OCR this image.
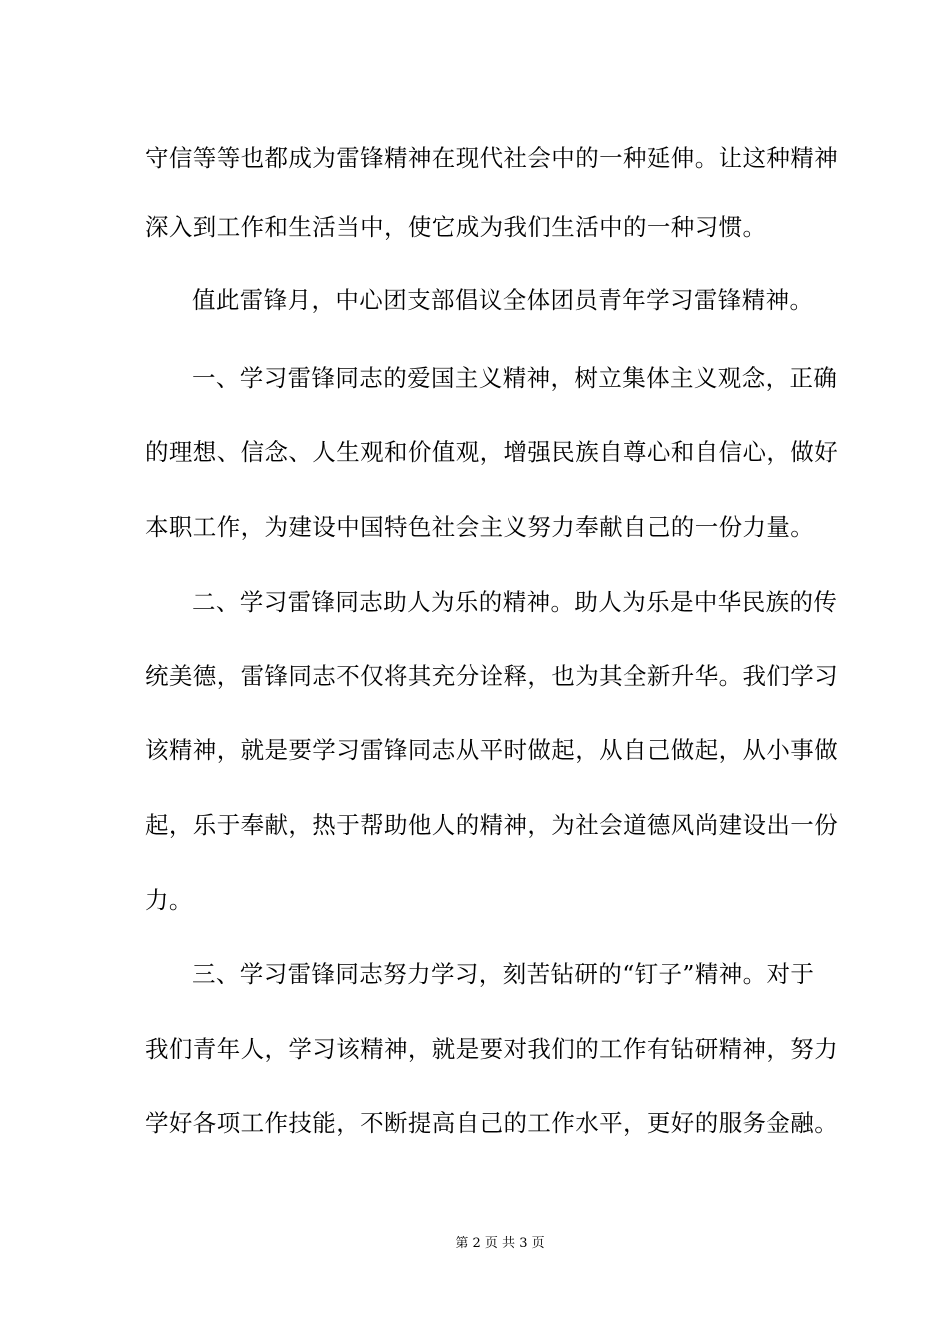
守信等等也都成为雷锋精神在现代社会中的一种延伸。让这种精神
深入到工作和生活当中，使它成为我们生活中的一种习惯。
值此雷锋月，中心团支部倡议全体团员青年学习雷锋精神。
一、学习雷锋同志的爱国主义精神，树立集体主义观念，正确
的理想、信念、人生观和价值观，增强民族自尊心和自信心，做好
本职工作，为建设中国特色社会主义努力奉献自己的一份力量。
二、学习雷锋同志助人为乐的精神。助人为乐是中华民族的传
统美德，雷锋同志不仅将其充分诠释，也为其全新升华。我们学习
该精神，就是要学习雷锋同志从平时做起，从自己做起，从小事做
起，乐于奉献，热于帮助他人的精神，为社会道德风尚建设出一份
力。
三、学习雷锋同志努力学习，刻苦钻研的“钉子”精神。对于
我们青年人，学习该精神，就是要对我们的工作有钻研精神，努力
学好各项工作技能，不断提高自己的工作水平，更好的服务金融。
第 2 页 共 3 页
